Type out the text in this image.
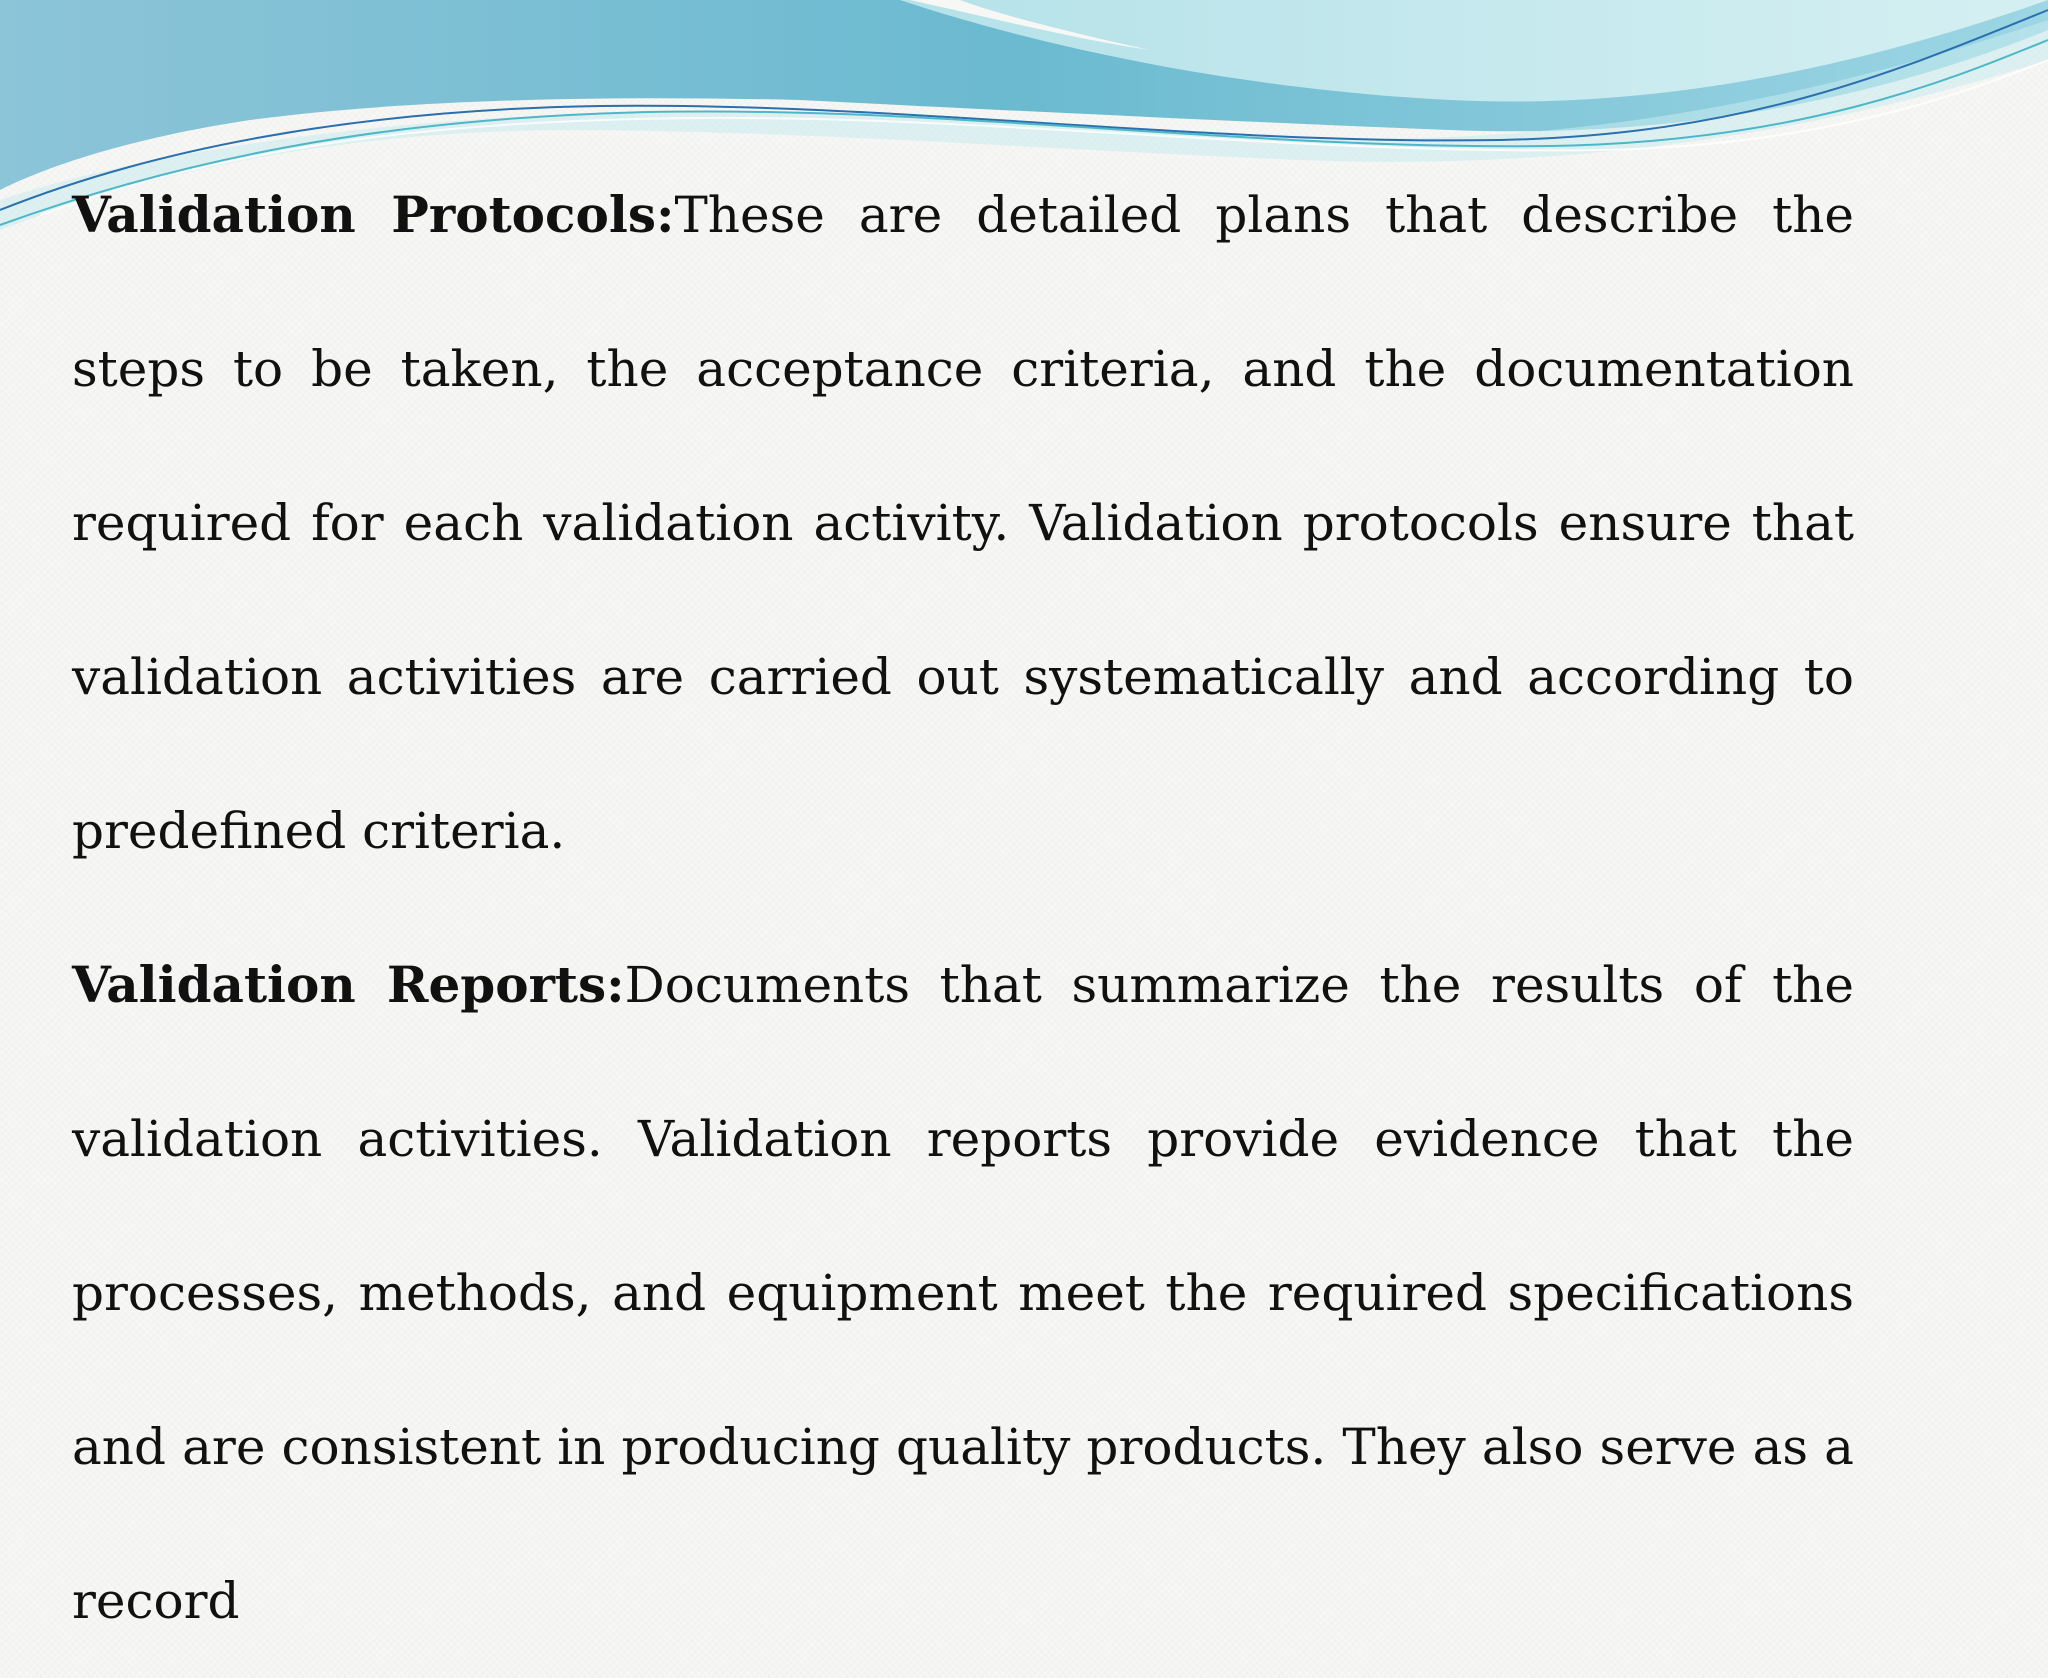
Validation Protocols:These are detailed plans that describe the steps to be taken, the acceptance criteria, and the documentation required for each validation activity. Validation protocols ensure that validation activities are carried out systematically and according to predefined criteria.

Validation Reports:Documents that summarize the results of the validation activities. Validation reports provide evidence that the processes, methods, and equipment meet the required specifications and are consistent in producing quality products. They also serve as a record
